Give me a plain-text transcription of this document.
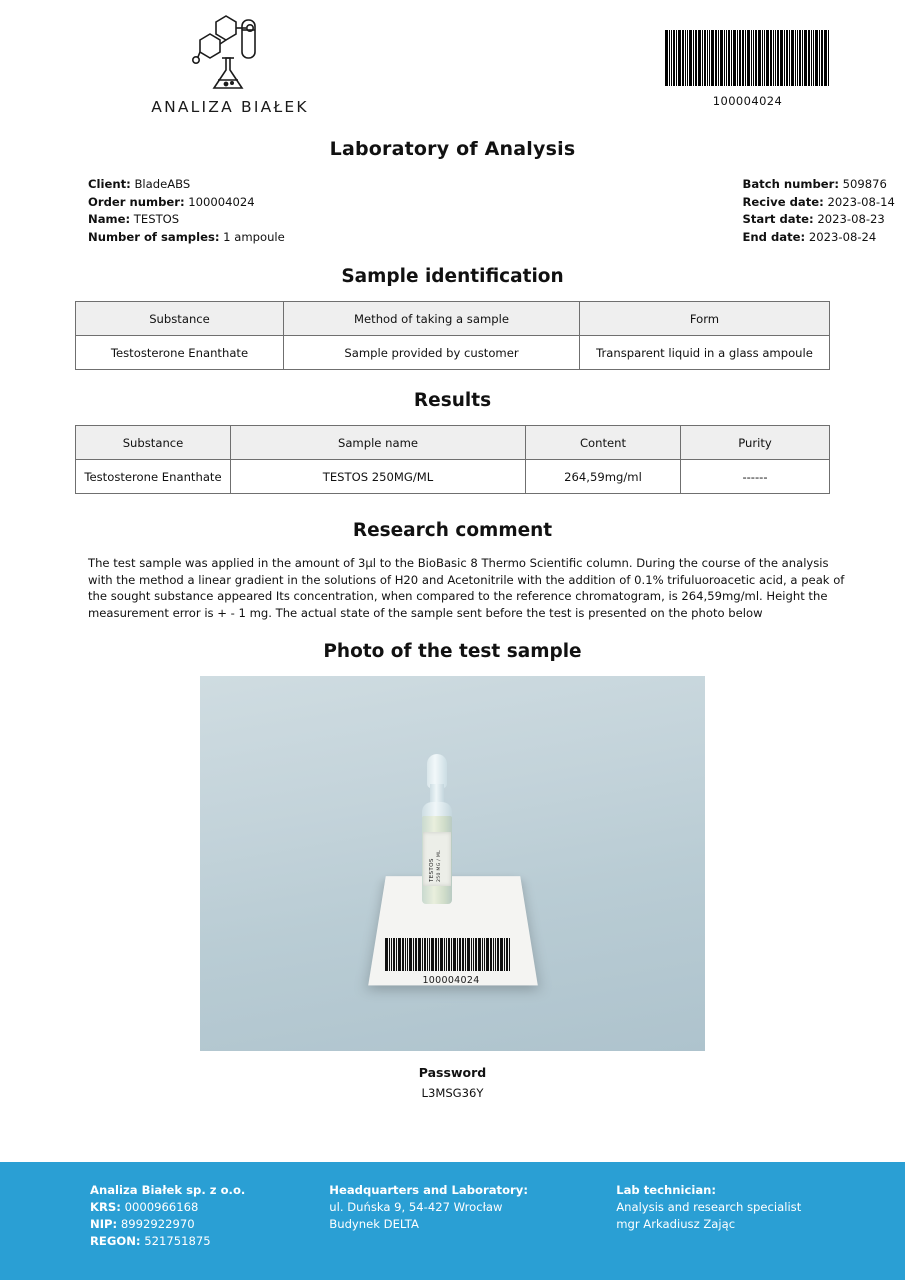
ANALIZA BIAŁEK	100004024
Laboratory of Analysis
Client: BladeABS
Order number: 100004024
Name: TESTOS
Number of samples: 1 ampoule
Batch number: 509876
Recive date: 2023-08-14
Start date: 2023-08-23
End date: 2023-08-24
Sample identification
Substance	Method of taking a sample	Form
Testosterone Enanthate	Sample provided by customer	Transparent liquid in a glass ampoule
Results
Substance	Sample name	Content	Purity
Testosterone Enanthate	TESTOS 250MG/ML	264,59mg/ml	------
Research comment
The test sample was applied in the amount of 3µl to the BioBasic 8 Thermo Scientific column. During the course of the analysis with the method a linear gradient in the solutions of H20 and Acetonitrile with the addition of 0.1% trifuluoroacetic acid, a peak of the sought substance appeared Its concentration, when compared to the reference chromatogram, is 264,59mg/ml. Height the measurement error is + - 1 mg. The actual state of the sample sent before the test is presented on the photo below
Photo of the test sample
100004024
TESTOS 250 MG / ML
Password
L3MSG36Y
Analiza Białek sp. z o.o.
KRS: 0000966168
NIP: 8992922970
REGON: 521751875
Headquarters and Laboratory:
ul. Duńska 9, 54-427 Wrocław
Budynek DELTA
Lab technician:
Analysis and research specialist
mgr Arkadiusz Zając
